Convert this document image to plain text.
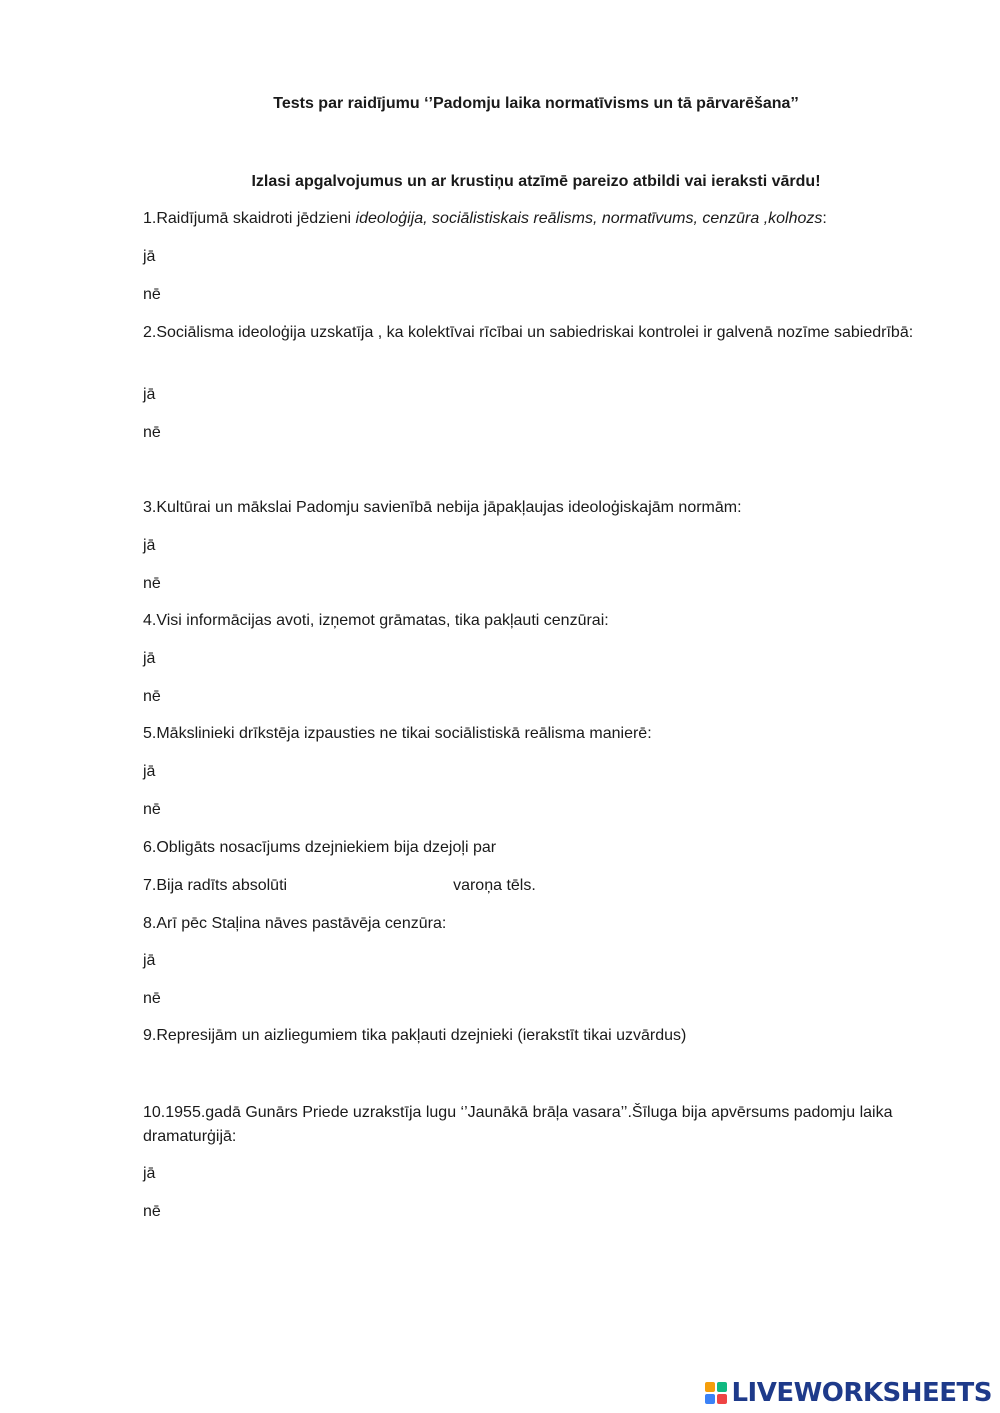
Tests par raidījumu ‘’Padomju laika normatīvisms un tā pārvarēšana’’
Izlasi apgalvojumus un ar krustiņu atzīmē pareizo atbildi vai ieraksti vārdu!
1.Raidījumā skaidroti jēdzieni ideoloģija, sociālistiskais reālisms, normatīvums, cenzūra ,kolhozs:
jā
nē
2.Sociālisma ideoloģija uzskatīja , ka kolektīvai rīcībai un sabiedriskai kontrolei ir galvenā nozīme sabiedrībā:
jā
nē
3.Kultūrai un mākslai Padomju savienībā nebija jāpakļaujas ideoloģiskajām normām:
jā
nē
4.Visi informācijas avoti, izņemot grāmatas, tika pakļauti cenzūrai:
jā
nē
5.Mākslinieki drīkstēja izpausties ne tikai sociālistiskā reālisma manierē:
jā
nē
6.Obligāts nosacījums dzejniekiem bija dzejoļi par
7.Bija radīts absolūti	varoņa tēls.
8.Arī pēc Staļina nāves pastāvēja cenzūra:
jā
nē
9.Represijām un aizliegumiem tika pakļauti dzejnieki (ierakstīt tikai uzvārdus)
10.1955.gadā Gunārs Priede uzrakstīja lugu ‘’Jaunākā brāļa vasara’’.Šīluga bija apvērsums padomju laika dramaturģijā:
jā
nē
LIVEWORKSHEETS
